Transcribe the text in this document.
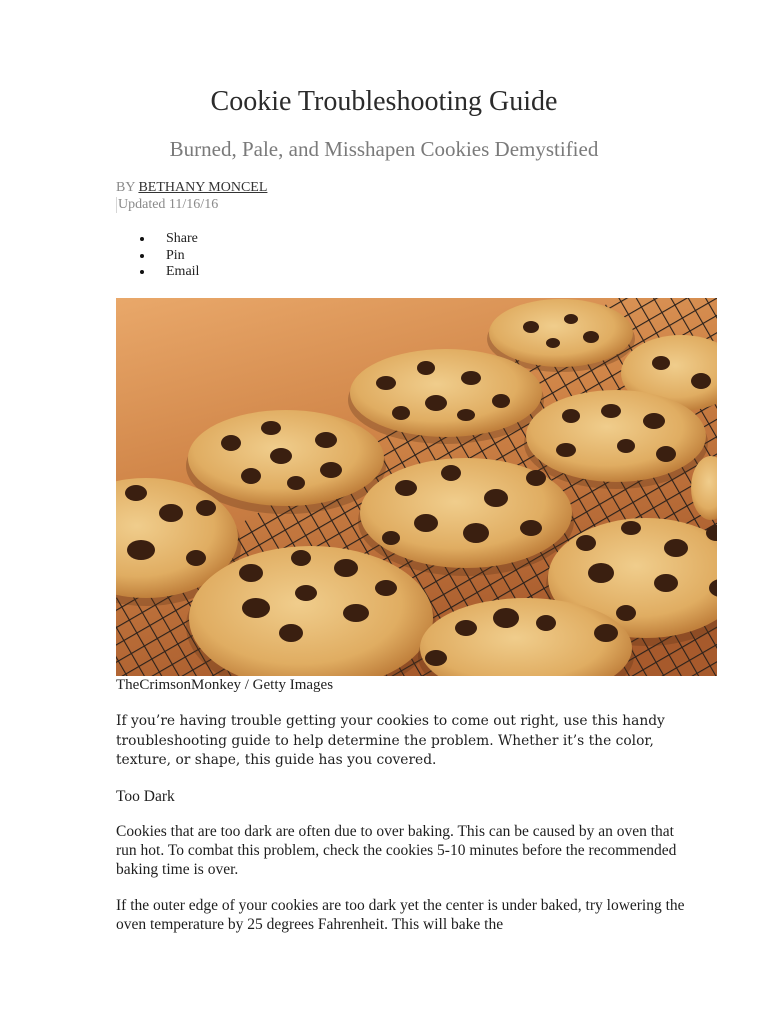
Cookie Troubleshooting Guide
Burned, Pale, and Misshapen Cookies Demystified
BY BETHANY MONCEL
Updated 11/16/16
Share
Pin
Email
TheCrimsonMonkey / Getty Images

If you’re having trouble getting your cookies to come out right, use this handy troubleshooting guide to help determine the problem. Whether it’s the color, texture, or shape, this guide has you covered.

Too Dark

Cookies that are too dark are often due to over baking. This can be caused by an oven that run hot. To combat this problem, check the cookies 5-10 minutes before the recommended baking time is over.

If the outer edge of your cookies are too dark yet the center is under baked, try lowering the oven temperature by 25 degrees Fahrenheit. This will bake the
